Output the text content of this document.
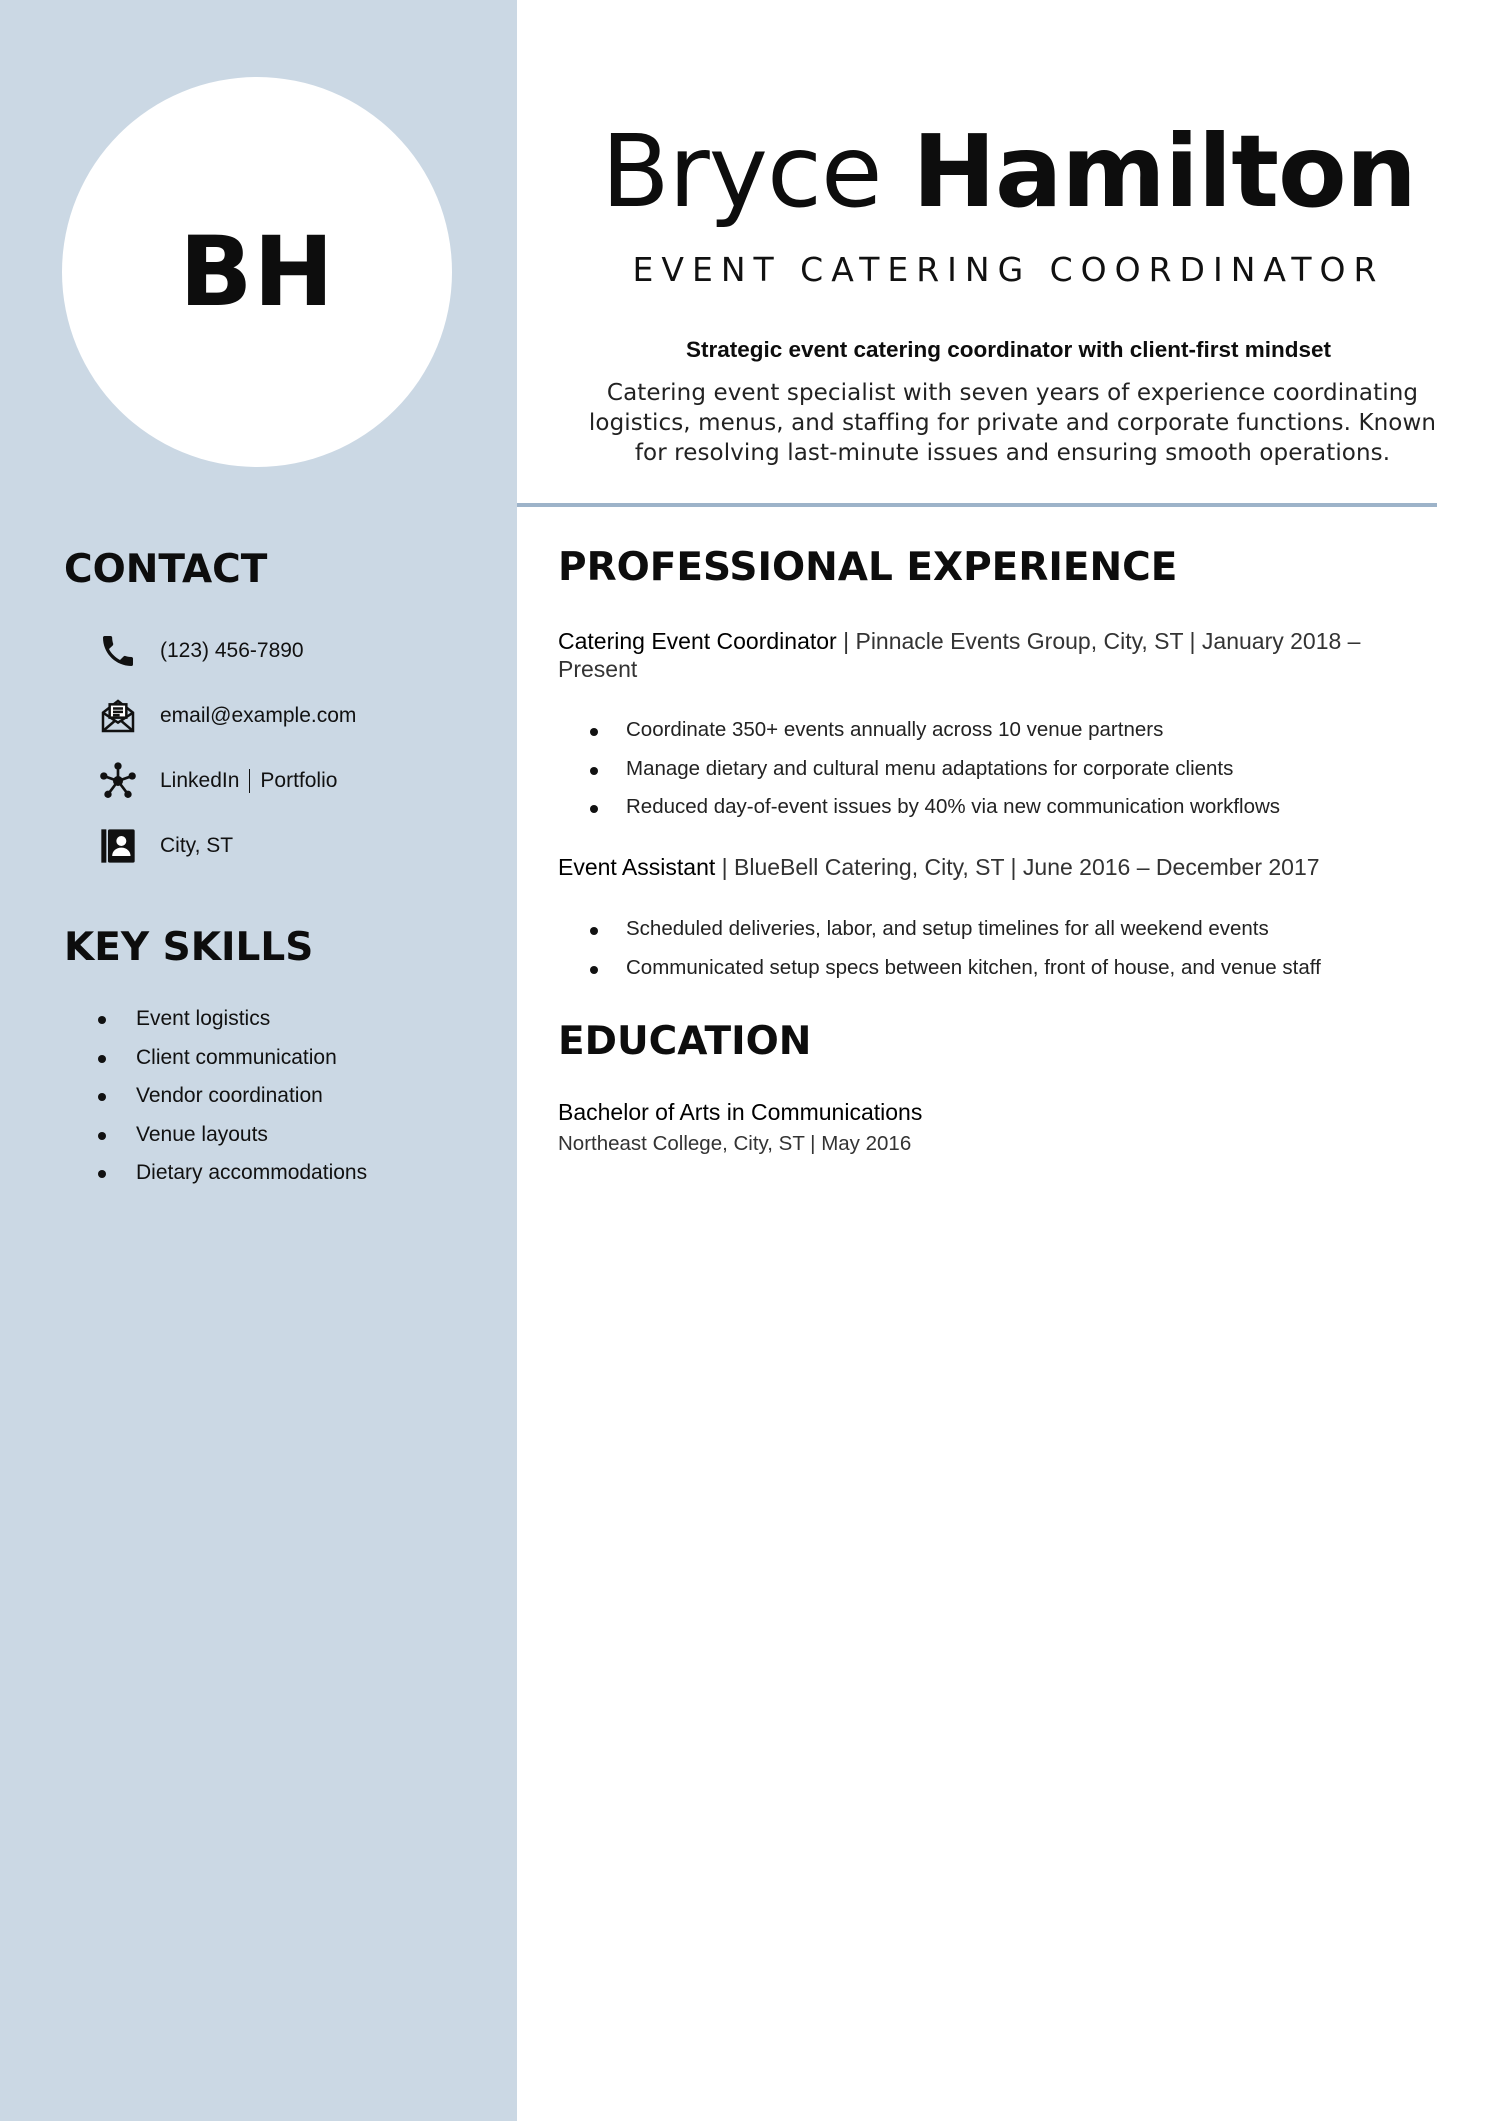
BH
CONTACT
(123) 456-7890
email@example.com
LinkedIn Portfolio
City, ST
KEY SKILLS
Event logistics
Client communication
Vendor coordination
Venue layouts
Dietary accommodations
Bryce Hamilton
EVENT CATERING COORDINATOR
Strategic event catering coordinator with client-first mindset
Catering event specialist with seven years of experience coordinating logistics, menus, and staffing for private and corporate functions. Known for resolving last-minute issues and ensuring smooth operations.
PROFESSIONAL EXPERIENCE
Catering Event Coordinator | Pinnacle Events Group, City, ST | January 2018 – Present
Coordinate 350+ events annually across 10 venue partners
Manage dietary and cultural menu adaptations for corporate clients
Reduced day-of-event issues by 40% via new communication workflows
Event Assistant | BlueBell Catering, City, ST | June 2016 – December 2017
Scheduled deliveries, labor, and setup timelines for all weekend events
Communicated setup specs between kitchen, front of house, and venue staff
EDUCATION
Bachelor of Arts in Communications
Northeast College, City, ST | May 2016
